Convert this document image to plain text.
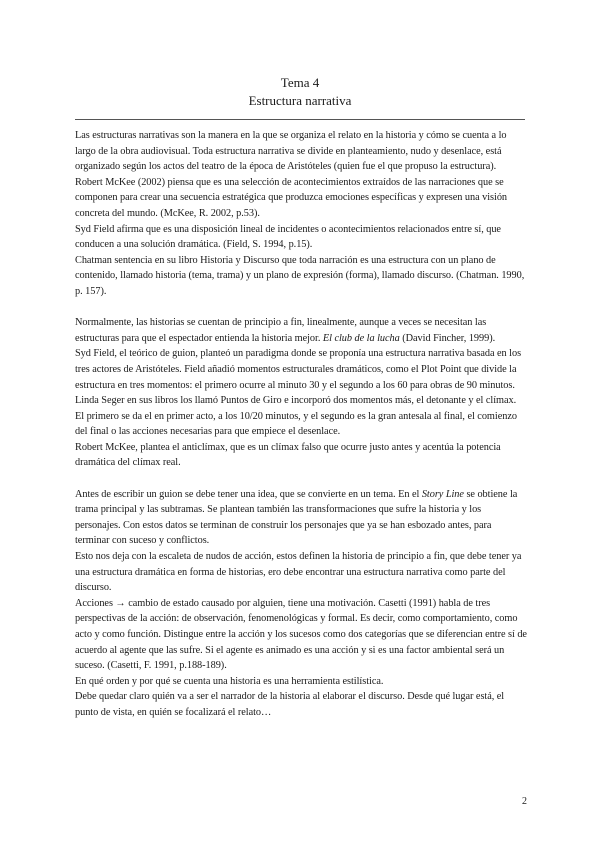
Tema 4

Estructura narrativa

Las estructuras narrativas son la manera en la que se organiza el relato en la historia y cómo se cuenta a lo largo de la obra audiovisual. Toda estructura narrativa se divide en planteamiento, nudo y desenlace, está organizado según los actos del teatro de la época de Aristóteles (quien fue el que propuso la estructura).

Robert McKee (2002) piensa que es una selección de acontecimientos extraídos de las narraciones que se componen para crear una secuencia estratégica que produzca emociones específicas y expresen una visión concreta del mundo. (McKee, R. 2002, p.53).

Syd Field afirma que es una disposición lineal de incidentes o acontecimientos relacionados entre sí, que conducen a una solución dramática. (Field, S. 1994, p.15).

Chatman sentencia en su libro Historia y Discurso que toda narración es una estructura con un plano de contenido, llamado historia (tema, trama) y un plano de expresión (forma), llamado discurso. (Chatman. 1990, p. 157).

Normalmente, las historias se cuentan de principio a fin, linealmente, aunque a veces se necesitan las estructuras para que el espectador entienda la historia mejor. El club de la lucha (David Fincher, 1999).

Syd Field, el teórico de guion, planteó un paradigma donde se proponía una estructura narrativa basada en los tres actores de Aristóteles. Field añadió momentos estructurales dramáticos, como el Plot Point que divide la estructura en tres momentos: el primero ocurre al minuto 30 y el segundo a los 60 para obras de 90 minutos.

Linda Seger en sus libros los llamó Puntos de Giro e incorporó dos momentos más, el detonante y el clímax. El primero se da el en primer acto, a los 10/20 minutos, y el segundo es la gran antesala al final, el comienzo del final o las acciones necesarias para que empiece el desenlace.

Robert McKee, plantea el anticlímax, que es un clímax falso que ocurre justo antes y acentúa la potencia dramática del clímax real.

Antes de escribir un guion se debe tener una idea, que se convierte en un tema. En el Story Line se obtiene la trama principal y las subtramas. Se plantean también las transformaciones que sufre la historia y los personajes. Con estos datos se terminan de construir los personajes que ya se han esbozado antes, para terminar con suceso y conflictos.

Esto nos deja con la escaleta de nudos de acción, estos definen la historia de principio a fin, que debe tener ya una estructura dramática en forma de historias, ero debe encontrar una estructura narrativa como parte del discurso.

Acciones → cambio de estado causado por alguien, tiene una motivación. Casetti (1991) habla de tres perspectivas de la acción: de observación, fenomenológicas y formal. Es decir, como comportamiento, como acto y como función. Distingue entre la acción y los sucesos como dos categorías que se diferencian entre sí de acuerdo al agente que las sufre. Si el agente es animado es una acción y si es una factor ambiental será un suceso. (Casetti, F. 1991, p.188-189).

En qué orden y por qué se cuenta una historia es una herramienta estilística.

Debe quedar claro quién va a ser el narrador de la historia al elaborar el discurso. Desde qué lugar está, el punto de vista, en quién se focalizará el relato…

2
